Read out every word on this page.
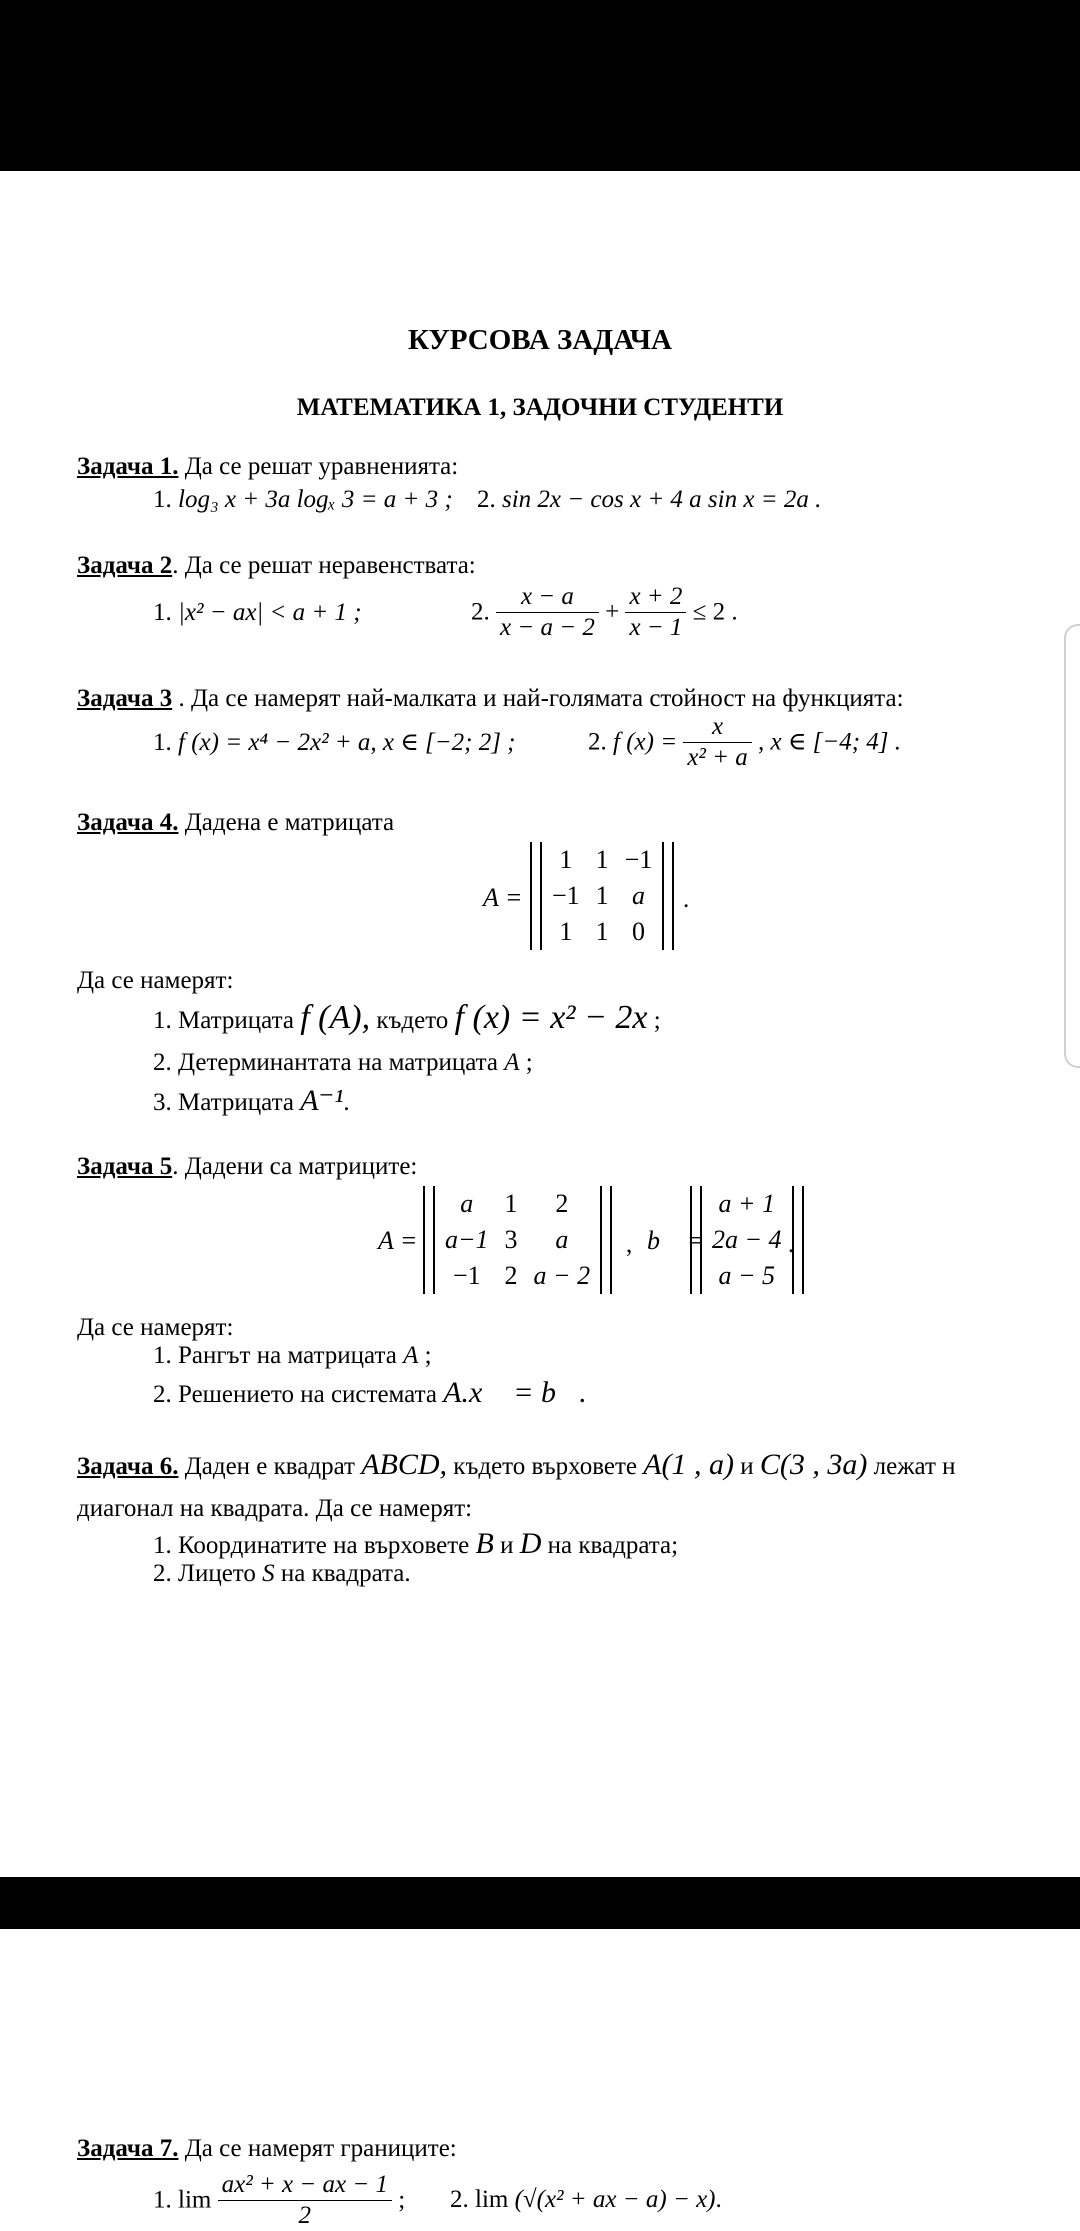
КУРСОВА ЗАДАЧА
МАТЕМАТИКА 1, ЗАДОЧНИ СТУДЕНТИ
Задача 1. Да се решат уравненията:
1. log₃ x + 3a logₓ 3 = a + 3 ; 2. sin 2x − cos x + 4 a sin x = 2a .
Задача 2. Да се решат неравенствата:
1. |x² − ax| < a + 1 ;	2. $\frac{x - a}{x - a - 2} + \frac{x + 2}{x - 1} \le 2$ .
Задача 3 . Да се намерят най-малката и най-голямата стойност на функцията:
1. f (x) = x⁴ − 2x² + a, x ∈ [−2; 2] ;	2. f $(x) = \frac{x}{\text{x² + a}}$ , x ∈ [−4; 4] .
Задача 4. Дадена е матрицата
A =
1	1	−1
−1	1	a
1	1	0
.
Да се намерят:
1. Матрицата f (A), където f (x) = x² − 2x ;
2. Детерминантата на матрицата A ;
3. Матрицата A⁻¹.
Задача 5. Дадени са матриците:
A =
a	1	2
a−1	3	a
−1	2	a − 2
, b⃗ =
a + 1
2a − 4
a − 5
.
Да се намерят:
1. Рангът на матрицата A ;
2. Решението на системата A.x⃗ = b⃗.
Задача 6. Даден е квадрат ABCD, където върховете A(1 , a) и C(3 , 3a) лежат н
диагонал на квадрата. Да се намерят:
1. Координатите на върховете B и D на квадрата;
2. Лицето S на квадрата.
Задача 7. Да се намерят границите:
1. $\lim \frac{\text{ax² + x − ax − 1}}{2}$ ; 2. lim (√(x² + ax − a) − x).
